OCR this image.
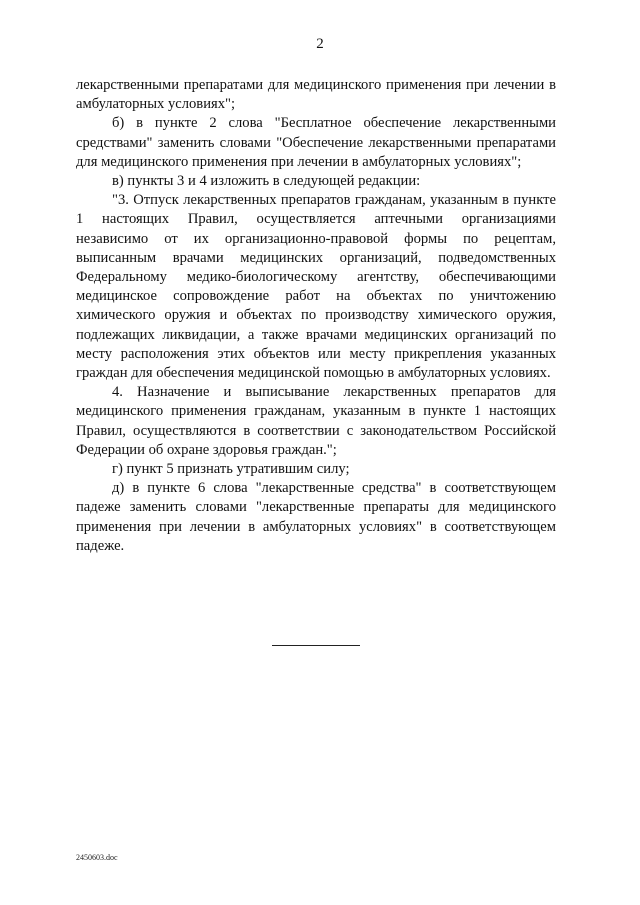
2

лекарственными препаратами для медицинского применения при лечении в амбулаторных условиях";

б) в пункте 2 слова "Бесплатное обеспечение лекарственными средствами" заменить словами "Обеспечение лекарственными препаратами для медицинского применения при лечении в амбулаторных условиях";

в) пункты 3 и 4 изложить в следующей редакции:

"3. Отпуск лекарственных препаратов гражданам, указанным в пункте 1 настоящих Правил, осуществляется аптечными организациями независимо от их организационно-правовой формы по рецептам, выписанным врачами медицинских организаций, подведомственных Федеральному медико-биологическому агентству, обеспечивающими медицинское сопровождение работ на объектах по уничтожению химического оружия и объектах по производству химического оружия, подлежащих ликвидации, а также врачами медицинских организаций по месту расположения этих объектов или месту прикрепления указанных граждан для обеспечения медицинской помощью в амбулаторных условиях.

4. Назначение и выписывание лекарственных препаратов для медицинского применения гражданам, указанным в пункте 1 настоящих Правил, осуществляются в соответствии с законодательством Российской Федерации об охране здоровья граждан.";

г) пункт 5 признать утратившим силу;

д) в пункте 6 слова "лекарственные средства" в соответствующем падеже заменить словами "лекарственные препараты для медицинского применения при лечении в амбулаторных условиях" в соответствующем падеже.

2450603.doc
